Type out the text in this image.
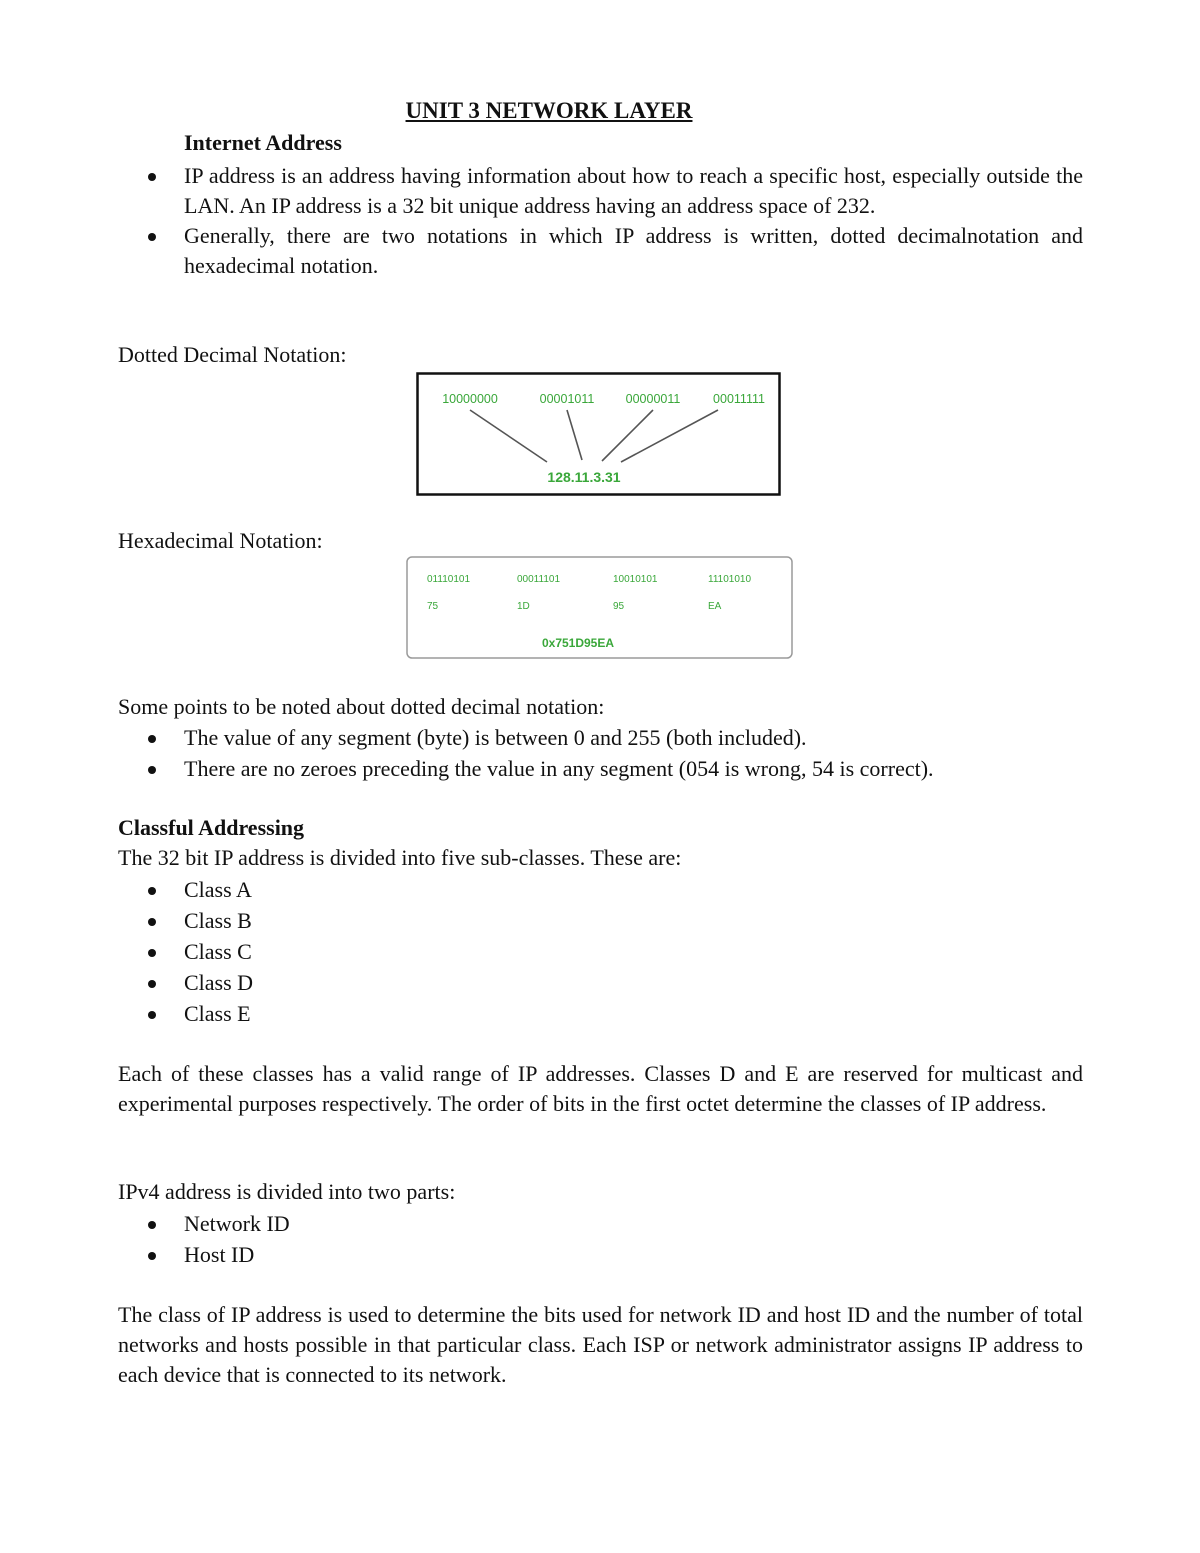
UNIT 3 NETWORK LAYER
Internet Address
IP address is an address having information about how to reach a specific host, especially outside the LAN. An IP address is a 32 bit unique address having an address space of 232.
Generally, there are two notations in which IP address is written, dotted decimalnotation and hexadecimal notation.
Dotted Decimal Notation:
10000000	00001011	00000011	00011111
128.11.3.31
Hexadecimal Notation:
01110101	00011101	10010101	11101010
75	1D	95	EA
0x751D95EA
Some points to be noted about dotted decimal notation:
The value of any segment (byte) is between 0 and 255 (both included).
There are no zeroes preceding the value in any segment (054 is wrong, 54 is correct).
Classful Addressing
The 32 bit IP address is divided into five sub-classes. These are:
Class A
Class B
Class C
Class D
Class E
Each of these classes has a valid range of IP addresses. Classes D and E are reserved for multicast and experimental purposes respectively. The order of bits in the first octet determine the classes of IP address.
IPv4 address is divided into two parts:
Network ID
Host ID
The class of IP address is used to determine the bits used for network ID and host ID and the number of total networks and hosts possible in that particular class. Each ISP or network administrator assigns IP address to each device that is connected to its network.
